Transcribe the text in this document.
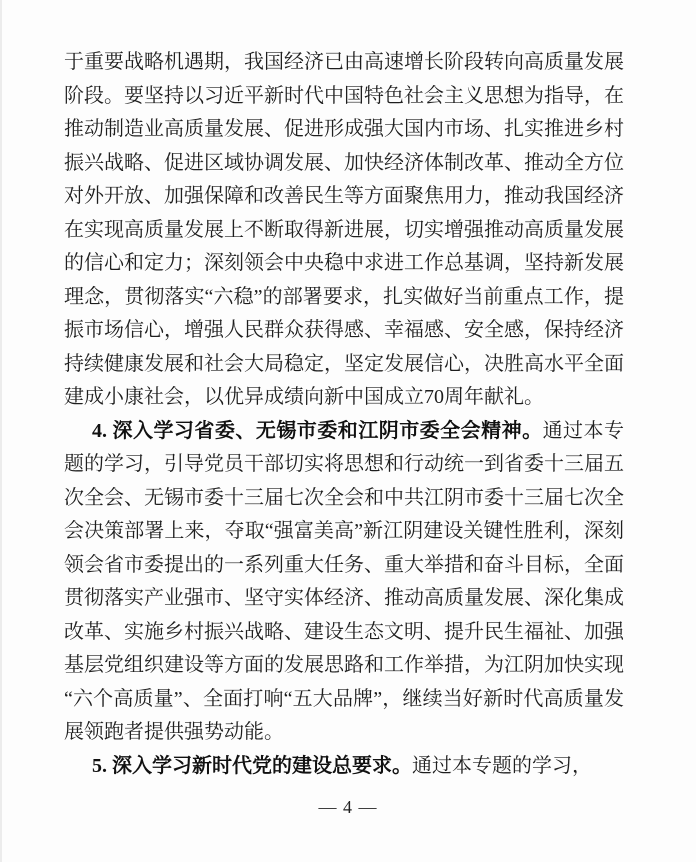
于重要战略机遇期，我国经济已由高速增长阶段转向高质量发展阶段。要坚持以习近平新时代中国特色社会主义思想为指导，在推动制造业高质量发展、促进形成强大国内市场、扎实推进乡村振兴战略、促进区域协调发展、加快经济体制改革、推动全方位对外开放、加强保障和改善民生等方面聚焦用力，推动我国经济在实现高质量发展上不断取得新进展，切实增强推动高质量发展的信心和定力；深刻领会中央稳中求进工作总基调，坚持新发展理念，贯彻落实“六稳”的部署要求，扎实做好当前重点工作，提振市场信心，增强人民群众获得感、幸福感、安全感，保持经济持续健康发展和社会大局稳定，坚定发展信心，决胜高水平全面建成小康社会，以优异成绩向新中国成立70周年献礼。

4. 深入学习省委、无锡市委和江阴市委全会精神。通过本专题的学习，引导党员干部切实将思想和行动统一到省委十三届五次全会、无锡市委十三届七次全会和中共江阴市委十三届七次全会决策部署上来，夺取“强富美高”新江阴建设关键性胜利，深刻领会省市委提出的一系列重大任务、重大举措和奋斗目标，全面贯彻落实产业强市、坚守实体经济、推动高质量发展、深化集成改革、实施乡村振兴战略、建设生态文明、提升民生福祉、加强基层党组织建设等方面的发展思路和工作举措，为江阴加快实现“六个高质量”、全面打响“五大品牌”，继续当好新时代高质量发展领跑者提供强势动能。

5. 深入学习新时代党的建设总要求。通过本专题的学习，

— 4 —
